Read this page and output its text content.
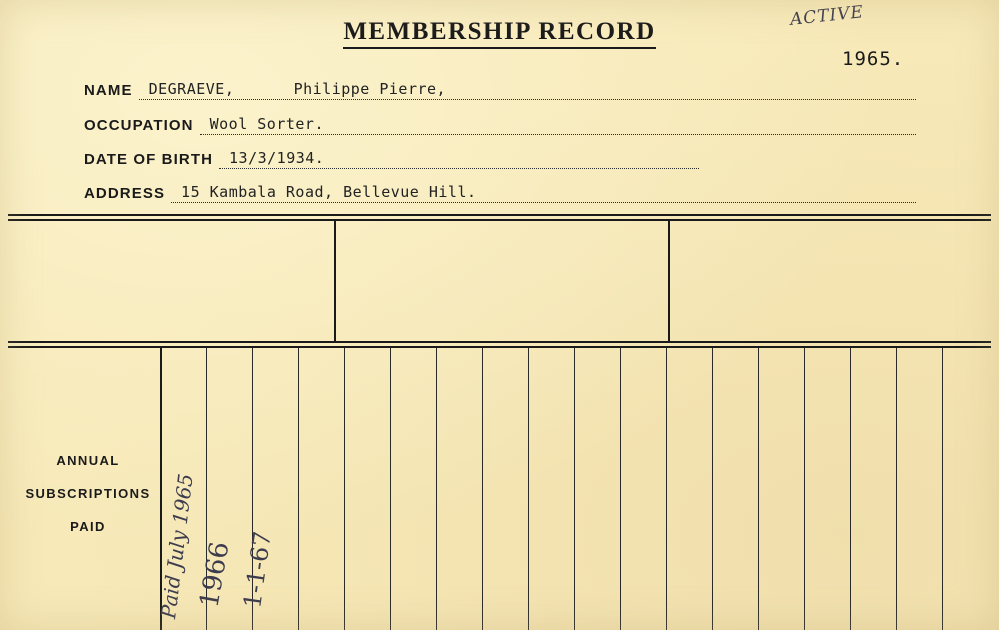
MEMBERSHIP RECORD
ACTIVE
1965.
NAME DEGRAEVE,	Philippe Pierre,
OCCUPATION Wool Sorter.
DATE OF BIRTH 13/3/1934.
ADDRESS 15 Kambala Road, Bellevue Hill.
ANNUAL
SUBSCRIPTIONS
PAID	Paid July 1965
1966 1-1-67
